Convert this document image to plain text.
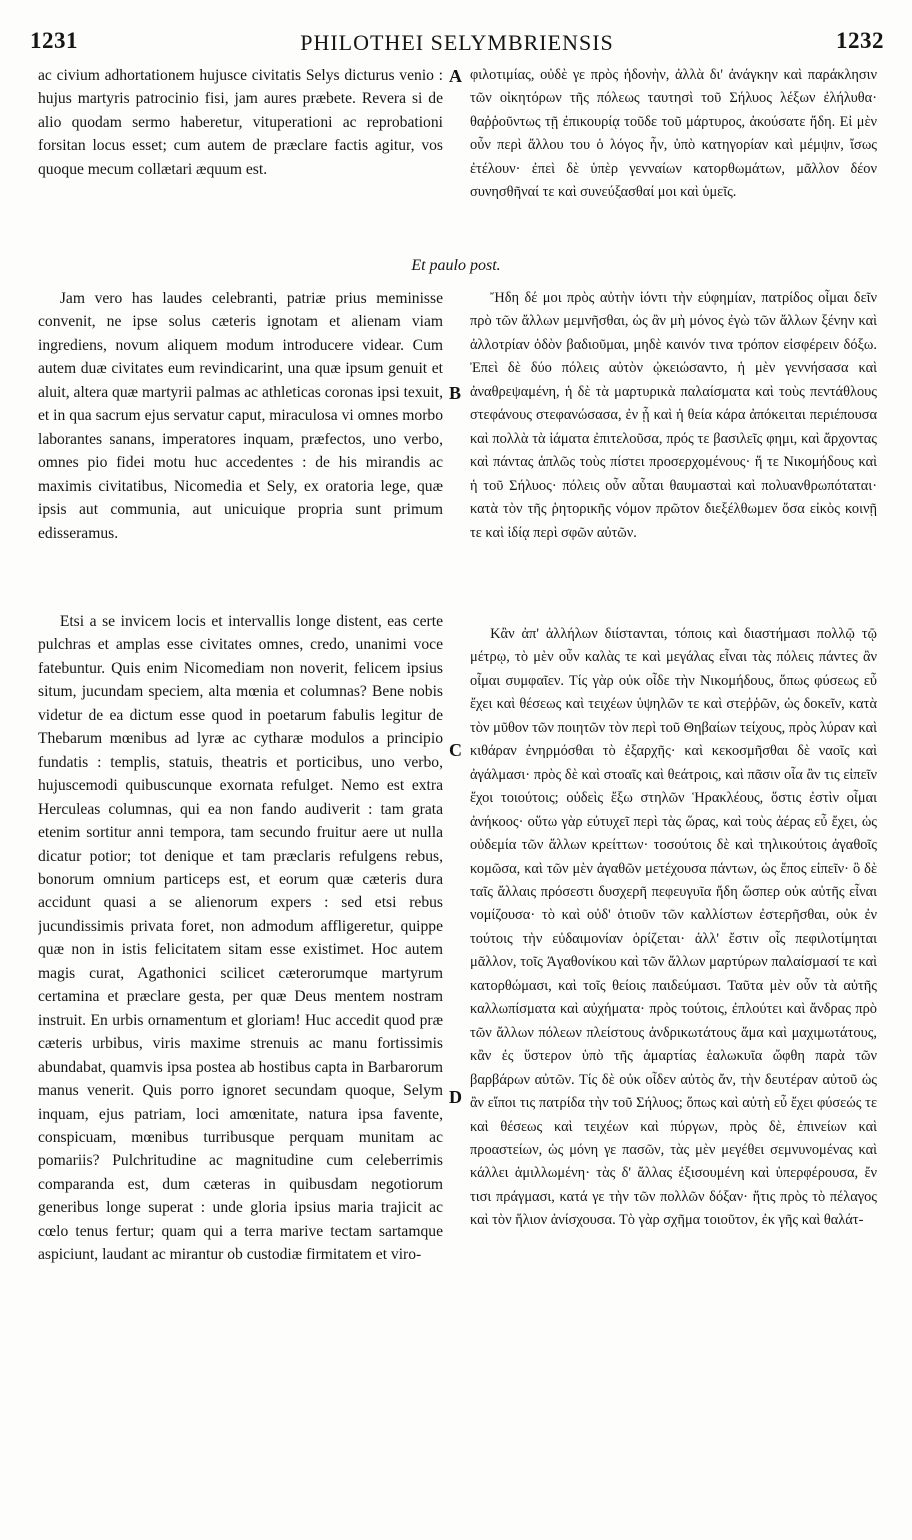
1231	PHILOTHEI SELYMBRIENSIS	1232

ac civium adhortationem hujusce civitatis Selys dicturus venio : hujus martyris patrocinio fisi, jam aures præbete. Revera si de alio quodam sermo haberetur, vituperationi ac reprobationi forsitan locus esset; cum autem de præclare factis agitur, vos quoque mecum collætari æquum est.

φιλοτιμίας, οὐδὲ γε πρὸς ἡδονὴν, ἀλλὰ δι' ἀνάγκην καὶ παράκλησιν τῶν οἰκητόρων τῆς πόλεως ταυτησὶ τοῦ Σήλυος λέξων ἐλήλυθα· θαῤῥοῦντως τῇ ἐπικουρίᾳ τοῦδε τοῦ μάρτυρος, ἀκούσατε ἤδη. Εἰ μὲν οὖν περὶ ἄλλου του ὁ λόγος ἦν, ὑπὸ κατηγορίαν καὶ μέμψιν, ἴσως ἐτέλουν· ἐπεὶ δὲ ὑπὲρ γενναίων κατορθωμάτων, μᾶλλον δέον συνησθῆναί τε καὶ συνεύξασθαί μοι καὶ ὑμεῖς.

Et paulo post.

Jam vero has laudes celebranti, patriæ prius meminisse convenit, ne ipse solus cæteris ignotam et alienam viam ingrediens, novum aliquem modum introducere videar. Cum autem duæ civitates eum revindicarint, una quæ ipsum genuit et aluit, altera quæ martyrii palmas ac athleticas coronas ipsi texuit, et in qua sacrum ejus servatur caput, miraculosa vi omnes morbo laborantes sanans, imperatores inquam, præfectos, uno verbo, omnes pio fidei motu huc accedentes : de his mirandis ac maximis civitatibus, Nicomedia et Sely, ex oratoria lege, quæ ipsis aut communia, aut unicuique propria sunt primum edisseramus.

Ἤδη δέ μοι πρὸς αὐτὴν ἰόντι τὴν εὐφημίαν, πατρίδος οἶμαι δεῖν πρὸ τῶν ἄλλων μεμνῆσθαι, ὡς ἂν μὴ μόνος ἐγὼ τῶν ἄλλων ξένην καὶ ἀλλοτρίαν ὁδὸν βαδιοῦμαι, μηδὲ καινόν τινα τρόπον εἰσφέρειν δόξω. Ἐπεὶ δὲ δύο πόλεις αὐτὸν ᾠκειώσαντο, ἡ μὲν γεννήσασα καὶ ἀναθρεψαμένη, ἡ δὲ τὰ μαρτυρικὰ παλαίσματα καὶ τοὺς πεντάθλους στεφάνους στεφανώσασα, ἐν ᾗ καὶ ἡ θεία κάρα ἀπόκειται περιέπουσα καὶ πολλὰ τὰ ἰάματα ἐπιτελοῦσα, πρός τε βασιλεῖς φημι, καὶ ἄρχοντας καὶ πάντας ἁπλῶς τοὺς πίστει προσερχομένους· ἥ τε Νικομήδους καὶ ἡ τοῦ Σήλυος· πόλεις οὖν αὗται θαυμασταὶ καὶ πολυανθρωπόταται· κατὰ τὸν τῆς ῥητορικῆς νόμον πρῶτον διεξέλθωμεν ὅσα εἰκὸς κοινῇ τε καὶ ἰδίᾳ περὶ σφῶν αὐτῶν.

Etsi a se invicem locis et intervallis longe distent, eas certe pulchras et amplas esse civitates omnes, credo, unanimi voce fatebuntur. Quis enim Nicomediam non noverit, felicem ipsius situm, jucundam speciem, alta mœnia et columnas? Bene nobis videtur de ea dictum esse quod in poetarum fabulis legitur de Thebarum mœnibus ad lyræ ac cytharæ modulos a principio fundatis : templis, statuis, theatris et porticibus, uno verbo, hujuscemodi quibuscunque exornata refulget. Nemo est extra Herculeas columnas, qui ea non fando audiverit : tam grata etenim sortitur anni tempora, tam secundo fruitur aere ut nulla dicatur potior; tot denique et tam præclaris refulgens rebus, bonorum omnium particeps est, et eorum quæ cæteris dura accidunt quasi a se alienorum expers : sed etsi rebus jucundissimis privata foret, non admodum affligeretur, quippe quæ non in istis felicitatem sitam esse existimet. Hoc autem magis curat, Agathonici scilicet cæterorumque martyrum certamina et præclare gesta, per quæ Deus mentem nostram instruit. En urbis ornamentum et gloriam! Huc accedit quod præ cæteris urbibus, viris maxime strenuis ac manu fortissimis abundabat, quamvis ipsa postea ab hostibus capta in Barbarorum manus venerit. Quis porro ignoret secundam quoque, Selym inquam, ejus patriam, loci amœnitate, natura ipsa favente, conspicuam, mœnibus turribusque perquam munitam ac pomariis? Pulchritudine ac magnitudine cum celeberrimis comparanda est, dum cæteras in quibusdam negotiorum generibus longe superat : unde gloria ipsius maria trajicit ac cœlo tenus fertur; quam qui a terra marive tectam sartamque aspiciunt, laudant ac mirantur ob custodiæ firmitatem et viro-

Κἂν ἀπ' ἀλλήλων διίστανται, τόποις καὶ διαστήμασι πολλῷ τῷ μέτρῳ, τὸ μὲν οὖν καλὰς τε καὶ μεγάλας εἶναι τὰς πόλεις πάντες ἂν οἶμαι συμφαῖεν. Τίς γὰρ οὐκ οἶδε τὴν Νικομήδους, ὅπως φύσεως εὖ ἔχει καὶ θέσεως καὶ τειχέων ὑψηλῶν τε καὶ στεῤῥῶν, ὡς δοκεῖν, κατὰ τὸν μῦθον τῶν ποιητῶν τὸν περὶ τοῦ Θηβαίων τείχους, πρὸς λύραν καὶ κιθάραν ἐνηρμόσθαι τὸ ἐξαρχῆς· καὶ κεκοσμῆσθαι δὲ ναοῖς καὶ ἀγάλμασι· πρὸς δὲ καὶ στοαῖς καὶ θεάτροις, καὶ πᾶσιν οἷα ἂν τις εἰπεῖν ἔχοι τοιούτοις; οὐδεὶς ἔξω στηλῶν Ἡρακλέους, ὅστις ἐστὶν οἶμαι ἀνήκοος· οὕτω γὰρ εὐτυχεῖ περὶ τὰς ὥρας, καὶ τοὺς ἀέρας εὖ ἔχει, ὡς οὐδεμία τῶν ἄλλων κρείττων· τοσούτοις δὲ καὶ τηλικούτοις ἀγαθοῖς κομῶσα, καὶ τῶν μὲν ἀγαθῶν μετέχουσα πάντων, ὡς ἔπος εἰπεῖν· ὃ δὲ ταῖς ἄλλαις πρόσεστι δυσχερῆ πεφευγυῖα ἤδη ὥσπερ οὐκ αὐτῆς εἶναι νομίζουσα· τὸ καὶ οὐδ' ὁτιοῦν τῶν καλλίστων ἐστερῆσθαι, οὐκ ἐν τούτοις τὴν εὐδαιμονίαν ὁρίζεται· ἀλλ' ἔστιν οἷς πεφιλοτίμηται μᾶλλον, τοῖς Ἀγαθονίκου καὶ τῶν ἄλλων μαρτύρων παλαίσμασί τε καὶ κατορθώμασι, καὶ τοῖς θείοις παιδεύμασι. Ταῦτα μὲν οὖν τὰ αὐτῆς καλλωπίσματα καὶ αὐχήματα· πρὸς τούτοις, ἐπλούτει καὶ ἄνδρας πρὸ τῶν ἄλλων πόλεων πλείστους ἀνδρικωτάτους ἅμα καὶ μαχιμωτάτους, κἂν ἐς ὕστερον ὑπὸ τῆς ἁμαρτίας ἑαλωκυῖα ὤφθη παρὰ τῶν βαρβάρων αὐτῶν. Τίς δὲ οὐκ οἶδεν αὐτὸς ἄν, τὴν δευτέραν αὐτοῦ ὡς ἂν εἴποι τις πατρίδα τὴν τοῦ Σήλυος; ὅπως καὶ αὐτὴ εὖ ἔχει φύσεώς τε καὶ θέσεως καὶ τειχέων καὶ πύργων, πρὸς δὲ, ἐπινείων καὶ προαστείων, ὡς μόνη γε πασῶν, τὰς μὲν μεγέθει σεμνυνομένας καὶ κάλλει ἁμιλλωμένη· τὰς δ' ἄλλας ἐξισουμένη καὶ ὑπερφέρουσα, ἔν τισι πράγμασι, κατά γε τὴν τῶν πολλῶν δόξαν· ἥτις πρὸς τὸ πέλαγος καὶ τὸν ἥλιον ἀνίσχουσα. Τὸ γὰρ σχῆμα τοιοῦτον, ἐκ γῆς καὶ θαλάτ-

A
B
C
D
